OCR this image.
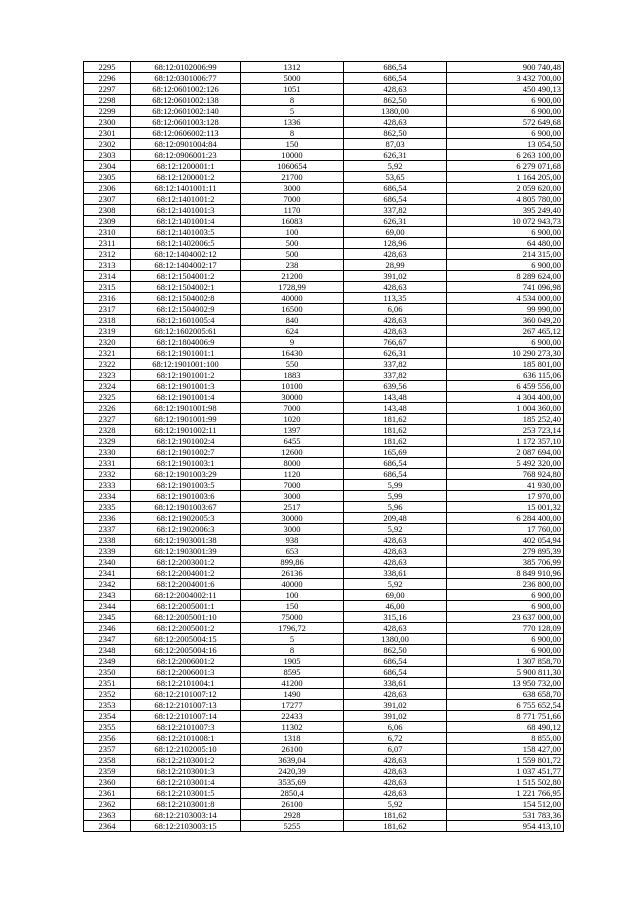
2295	68:12:0102006:99	1312	686,54	900 740,48
2296	68:12:0301006:77	5000	686,54	3 432 700,00
2297	68:12:0601002:126	1051	428,63	450 490,13
2298	68:12:0601002:138	8	862,50	6 900,00
2299	68:12:0601002:140	5	1380,00	6 900,00
2300	68:12:0601003:128	1336	428,63	572 649,68
2301	68:12:0606002:113	8	862,50	6 900,00
2302	68:12:0901004:84	150	87,03	13 054,50
2303	68:12:0906001:23	10000	626,31	6 263 100,00
2304	68:12:1200001:1	1060654	5,92	6 279 071,68
2305	68:12:1200001:2	21700	53,65	1 164 205,00
2306	68:12:1401001:11	3000	686,54	2 059 620,00
2307	68:12:1401001:2	7000	686,54	4 805 780,00
2308	68:12:1401001:3	1170	337,82	395 249,40
2309	68:12:1401001:4	16083	626,31	10 072 943,73
2310	68:12:1401003:5	100	69,00	6 900,00
2311	68:12:1402006:5	500	128,96	64 480,00
2312	68:12:1404002:12	500	428,63	214 315,00
2313	68:12:1404002:17	238	28,99	6 900,00
2314	68:12:1504001:2	21200	391,02	8 289 624,00
2315	68:12:1504002:1	1728,99	428,63	741 096,98
2316	68:12:1504002:8	40000	113,35	4 534 000,00
2317	68:12:1504002:9	16500	6,06	99 990,00
2318	68:12:1601005:4	840	428,63	360 049,20
2319	68:12:1602005:61	624	428,63	267 465,12
2320	68:12:1804006:9	9	766,67	6 900,00
2321	68:12:1901001:1	16430	626,31	10 290 273,30
2322	68:12:1901001:100	550	337,82	185 801,00
2323	68:12:1901001:2	1883	337,82	636 115,06
2324	68:12:1901001:3	10100	639,56	6 459 556,00
2325	68:12:1901001:4	30000	143,48	4 304 400,00
2326	68:12:1901001:98	7000	143,48	1 004 360,00
2327	68:12:1901001:99	1020	181,62	185 252,40
2328	68:12:1901002:11	1397	181,62	253 723,14
2329	68:12:1901002:4	6455	181,62	1 172 357,10
2330	68:12:1901002:7	12600	165,69	2 087 694,00
2331	68:12:1901003:1	8000	686,54	5 492 320,00
2332	68:12:1901003:29	1120	686,54	768 924,80
2333	68:12:1901003:5	7000	5,99	41 930,00
2334	68:12:1901003:6	3000	5,99	17 970,00
2335	68:12:1901003:67	2517	5,96	15 001,32
2336	68:12:1902005:3	30000	209,48	6 284 400,00
2337	68:12:1902006:3	3000	5,92	17 760,00
2338	68:12:1903001:38	938	428,63	402 054,94
2339	68:12:1903001:39	653	428,63	279 895,39
2340	68:12:2003001:2	899,86	428,63	385 706,99
2341	68:12:2004001:2	26136	338,61	8 849 910,96
2342	68:12:2004001:6	40000	5,92	236 800,00
2343	68:12:2004002:11	100	69,00	6 900,00
2344	68:12:2005001:1	150	46,00	6 900,00
2345	68:12:2005001:10	75000	315,16	23 637 000,00
2346	68:12:2005001:2	1796,72	428,63	770 128,09
2347	68:12:2005004:15	5	1380,00	6 900,00
2348	68:12:2005004:16	8	862,50	6 900,00
2349	68:12:2006001:2	1905	686,54	1 307 858,70
2350	68:12:2006001:3	8595	686,54	5 900 811,30
2351	68:12:2101004:1	41200	338,61	13 950 732,00
2352	68:12:2101007:12	1490	428,63	638 658,70
2353	68:12:2101007:13	17277	391,02	6 755 652,54
2354	68:12:2101007:14	22433	391,02	8 771 751,66
2355	68:12:2101007:3	11302	6,06	68 490,12
2356	68:12:2101008:1	1318	6,72	8 855,00
2357	68:12:2102005:10	26100	6,07	158 427,00
2358	68:12:2103001:2	3639,04	428,63	1 559 801,72
2359	68:12:2103001:3	2420,39	428,63	1 037 451,77
2360	68:12:2103001:4	3535,69	428,63	1 515 502,80
2361	68:12:2103001:5	2850,4	428,63	1 221 766,95
2362	68:12:2103001:8	26100	5,92	154 512,00
2363	68:12:2103003:14	2928	181,62	531 783,36
2364	68:12:2103003:15	5255	181,62	954 413,10
